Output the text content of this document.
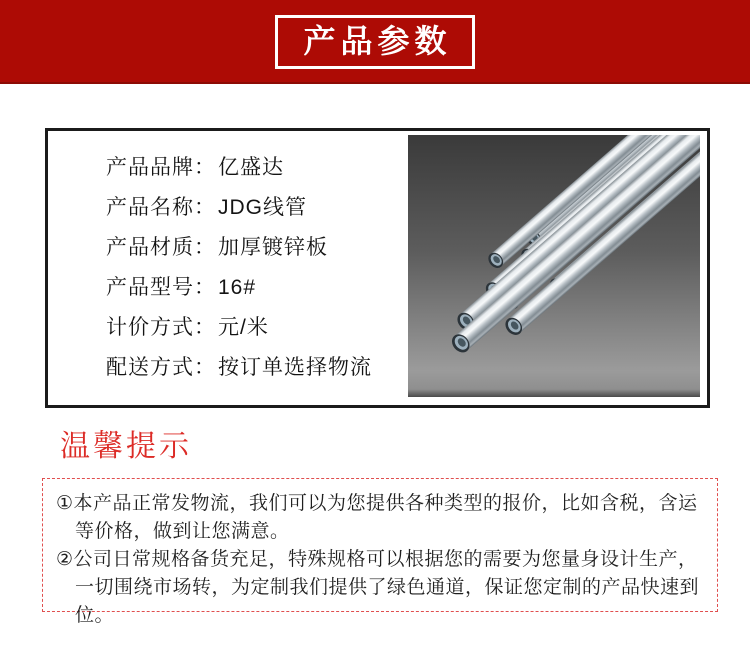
产品参数
产品品牌：亿盛达
产品名称：JDG线管
产品材质：加厚镀锌板
产品型号：16#
计价方式：元/米
配送方式：按订单选择物流
温馨提示

①本产品正常发物流，我们可以为您提供各种类型的报价，比如含税，含运等价格，做到让您满意。

②公司日常规格备货充足，特殊规格可以根据您的需要为您量身设计生产，一切围绕市场转，为定制我们提供了绿色通道，保证您定制的产品快速到位。
